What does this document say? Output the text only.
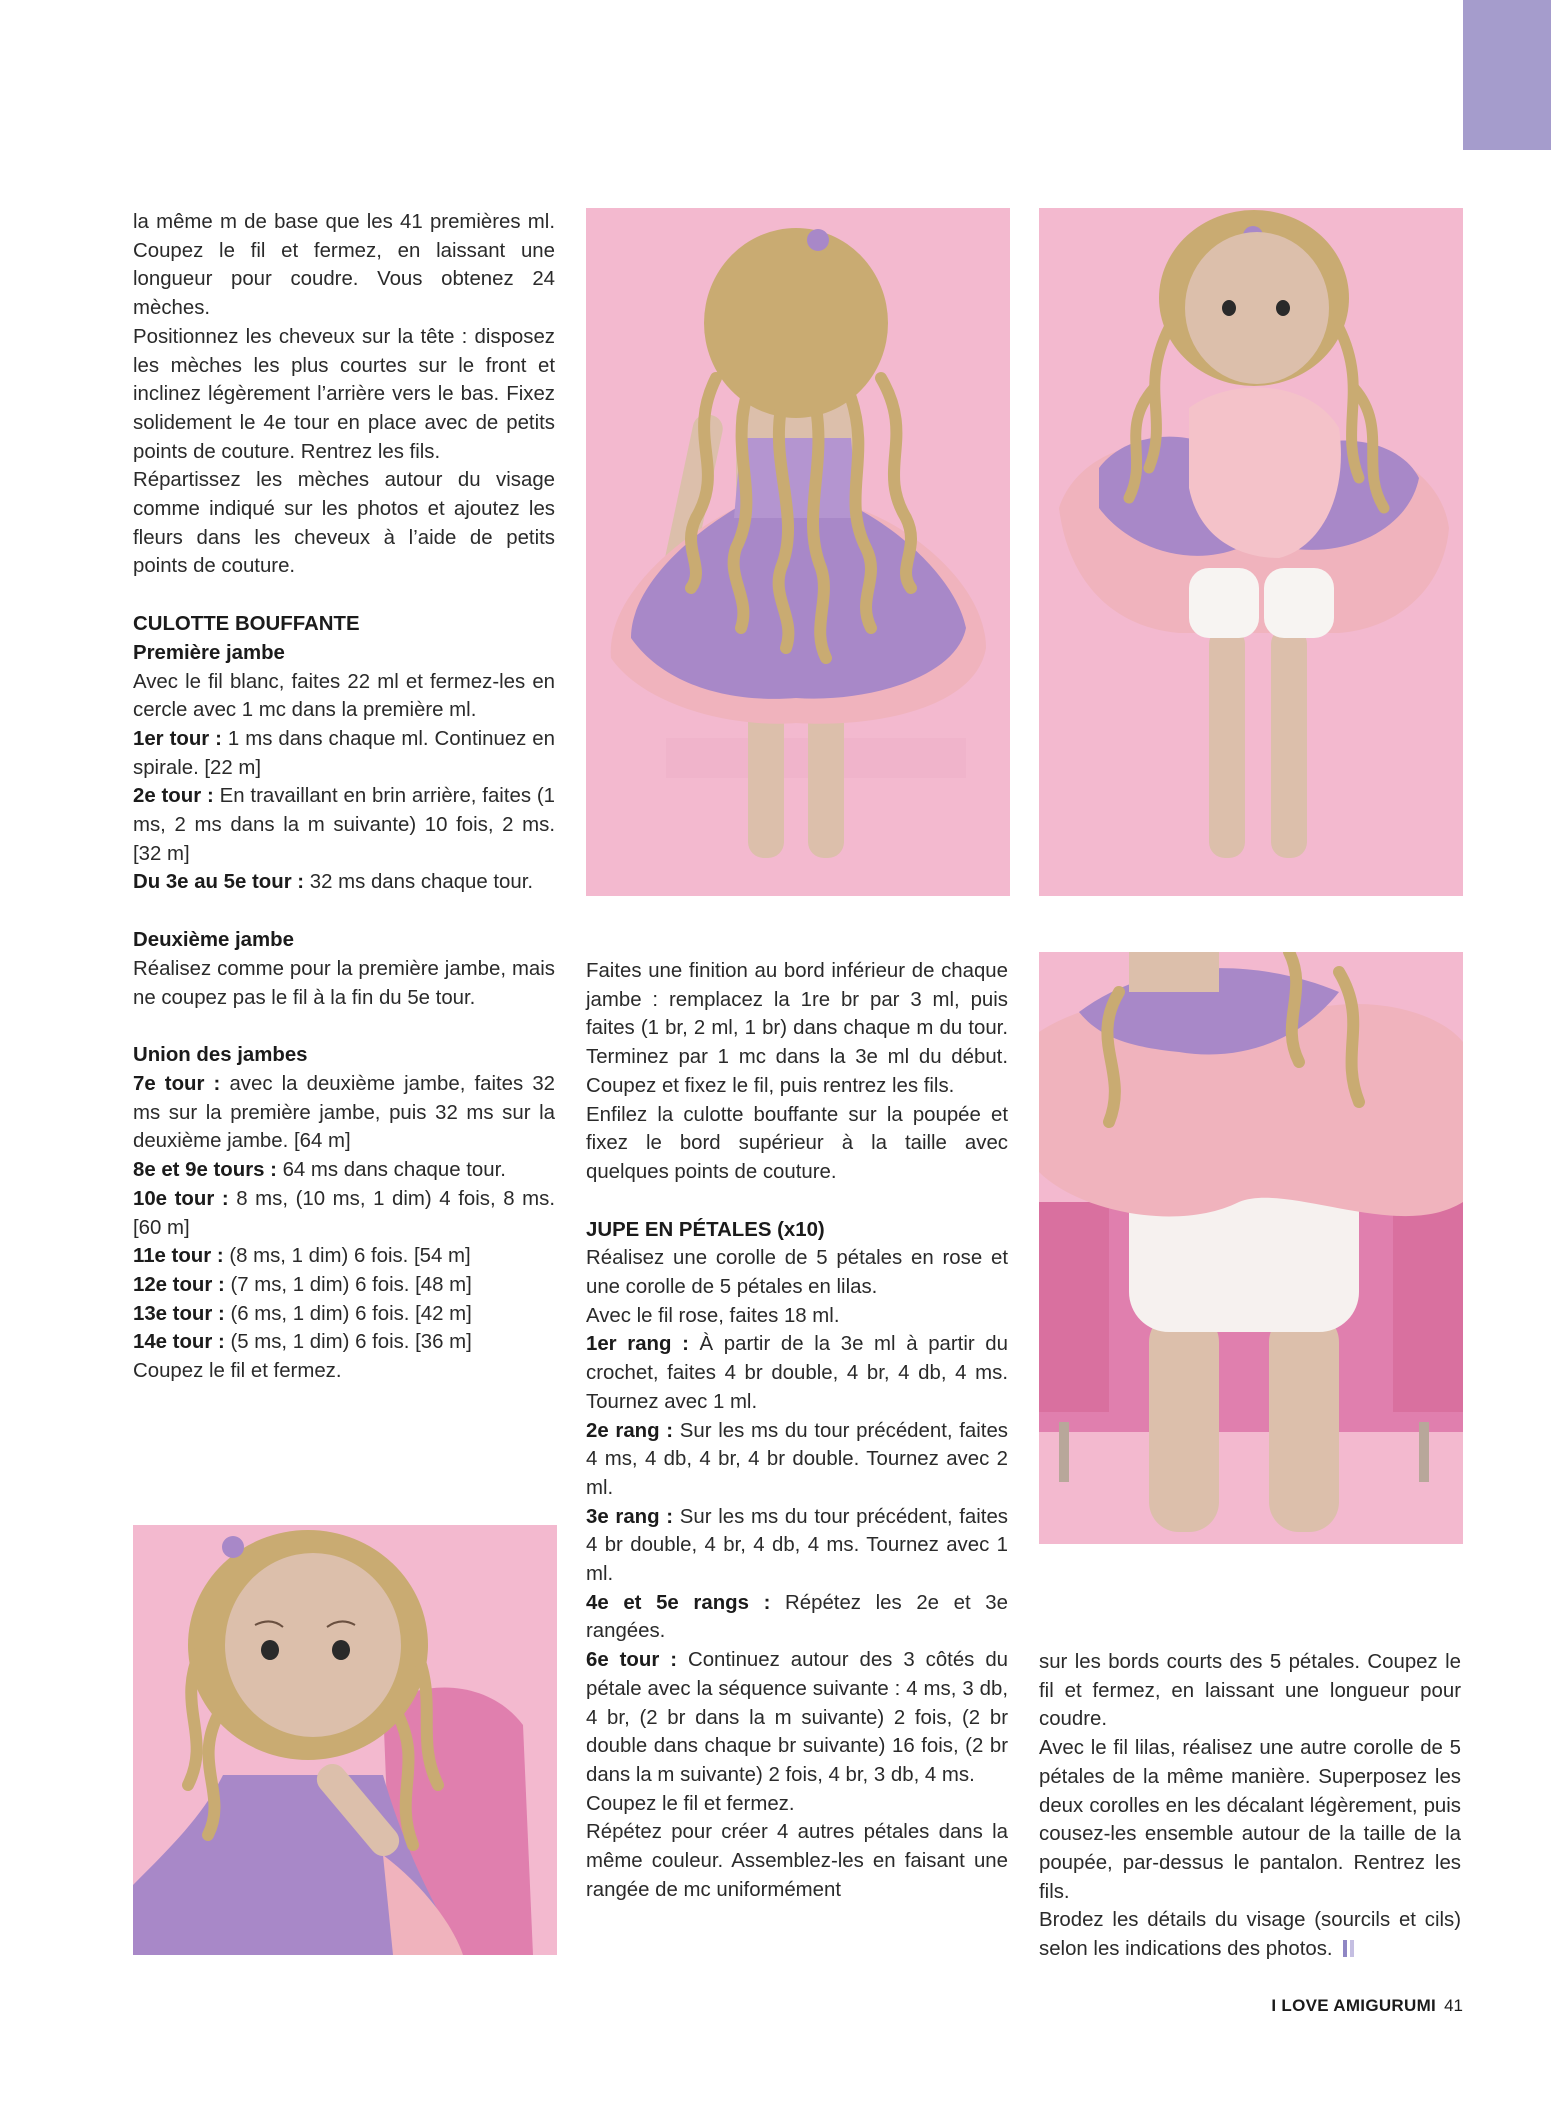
la même m de base que les 41 premières ml. Coupez le fil et fermez, en laissant une longueur pour coudre. Vous obtenez 24 mèches.

Positionnez les cheveux sur la tête : disposez les mèches les plus courtes sur le front et inclinez légèrement l’arrière vers le bas. Fixez solidement le 4e tour en place avec de petits points de couture. Rentrez les fils.

Répartissez les mèches autour du visage comme indiqué sur les photos et ajoutez les fleurs dans les cheveux à l’aide de petits points de couture.

CULOTTE BOUFFANTE
Première jambe

Avec le fil blanc, faites 22 ml et fermez-les en cercle avec 1 mc dans la première ml.

1er tour : 1 ms dans chaque ml. Continuez en spirale. [22 m]

2e tour : En travaillant en brin arrière, faites (1 ms, 2 ms dans la m suivante) 10 fois, 2 ms. [32 m]

Du 3e au 5e tour : 32 ms dans chaque tour.

Deuxième jambe

Réalisez comme pour la première jambe, mais ne coupez pas le fil à la fin du 5e tour.

Union des jambes

7e tour : avec la deuxième jambe, faites 32 ms sur la première jambe, puis 32 ms sur la deuxième jambe. [64 m]

8e et 9e tours : 64 ms dans chaque tour.

10e tour : 8 ms, (10 ms, 1 dim) 4 fois, 8 ms. [60 m]

11e tour : (8 ms, 1 dim) 6 fois. [54 m]

12e tour : (7 ms, 1 dim) 6 fois. [48 m]

13e tour : (6 ms, 1 dim) 6 fois. [42 m]

14e tour : (5 ms, 1 dim) 6 fois. [36 m]

Coupez le fil et fermez.

Faites une finition au bord inférieur de chaque jambe : remplacez la 1re br par 3 ml, puis faites (1 br, 2 ml, 1 br) dans chaque m du tour. Terminez par 1 mc dans la 3e ml du début. Coupez et fixez le fil, puis rentrez les fils.

Enfilez la culotte bouffante sur la poupée et fixez le bord supérieur à la taille avec quelques points de couture.

JUPE EN PÉTALES (x10)

Réalisez une corolle de 5 pétales en rose et une corolle de 5 pétales en lilas.

Avec le fil rose, faites 18 ml.

1er rang : À partir de la 3e ml à partir du crochet, faites 4 br double, 4 br, 4 db, 4 ms. Tournez avec 1 ml.

2e rang : Sur les ms du tour précédent, faites 4 ms, 4 db, 4 br, 4 br double. Tournez avec 2 ml.

3e rang : Sur les ms du tour précédent, faites 4 br double, 4 br, 4 db, 4 ms. Tournez avec 1 ml.

4e et 5e rangs : Répétez les 2e et 3e rangées.

6e tour : Continuez autour des 3 côtés du pétale avec la séquence suivante : 4 ms, 3 db, 4 br, (2 br dans la m suivante) 2 fois, (2 br double dans chaque br suivante) 16 fois, (2 br dans la m suivante) 2 fois, 4 br, 3 db, 4 ms.

Coupez le fil et fermez.

Répétez pour créer 4 autres pétales dans la même couleur. Assemblez-les en faisant une rangée de mc uniformément

sur les bords courts des 5 pétales. Coupez le fil et fermez, en laissant une longueur pour coudre.

Avec le fil lilas, réalisez une autre corolle de 5 pétales de la même manière. Superposez les deux corolles en les décalant légèrement, puis cousez-les ensemble autour de la taille de la poupée, par-dessus le pantalon. Rentrez les fils.

Brodez les détails du visage (sourcils et cils) selon les indications des photos.

I LOVE AMIGURUMI 41
